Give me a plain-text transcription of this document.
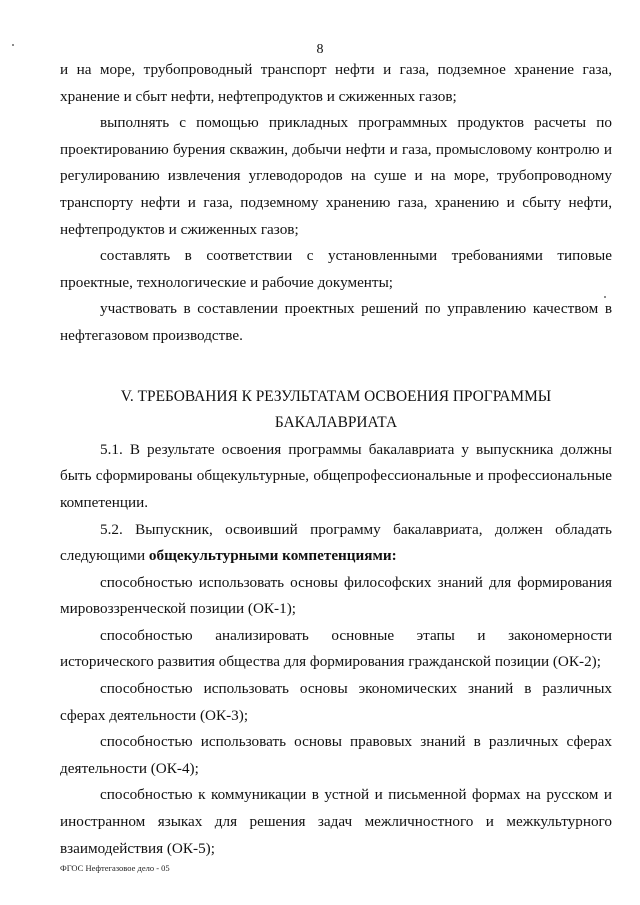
8

и на море, трубопроводный транспорт нефти и газа, подземное хранение газа, хранение и сбыт нефти, нефтепродуктов и сжиженных газов;

выполнять с помощью прикладных программных продуктов расчеты по проектированию бурения скважин, добычи нефти и газа, промысловому контролю и регулированию извлечения углеводородов на суше и на море, трубопроводному транспорту нефти и газа, подземному хранению газа, хранению и сбыту нефти, нефтепродуктов и сжиженных газов;

составлять в соответствии с установленными требованиями типовые проектные, технологические и рабочие документы;

участвовать в составлении проектных решений по управлению качеством в нефтегазовом производстве.

V. ТРЕБОВАНИЯ К РЕЗУЛЬТАТАМ ОСВОЕНИЯ ПРОГРАММЫ

БАКАЛАВРИАТА

5.1. В результате освоения программы бакалавриата у выпускника должны быть сформированы общекультурные, общепрофессиональные и профессиональные компетенции.

5.2. Выпускник, освоивший программу бакалавриата, должен обладать следующими общекультурными компетенциями:

способностью использовать основы философских знаний для формирования мировоззренческой позиции (ОК-1);

способностью анализировать основные этапы и закономерности исторического развития общества для формирования гражданской позиции (ОК-2);

способностью использовать основы экономических знаний в различных сферах деятельности (ОК-3);

способностью использовать основы правовых знаний в различных сферах деятельности (ОК-4);

способностью к коммуникации в устной и письменной формах на русском и иностранном языках для решения задач межличностного и межкультурного взаимодействия (ОК-5);

ФГОС Нефтегазовое дело - 05
